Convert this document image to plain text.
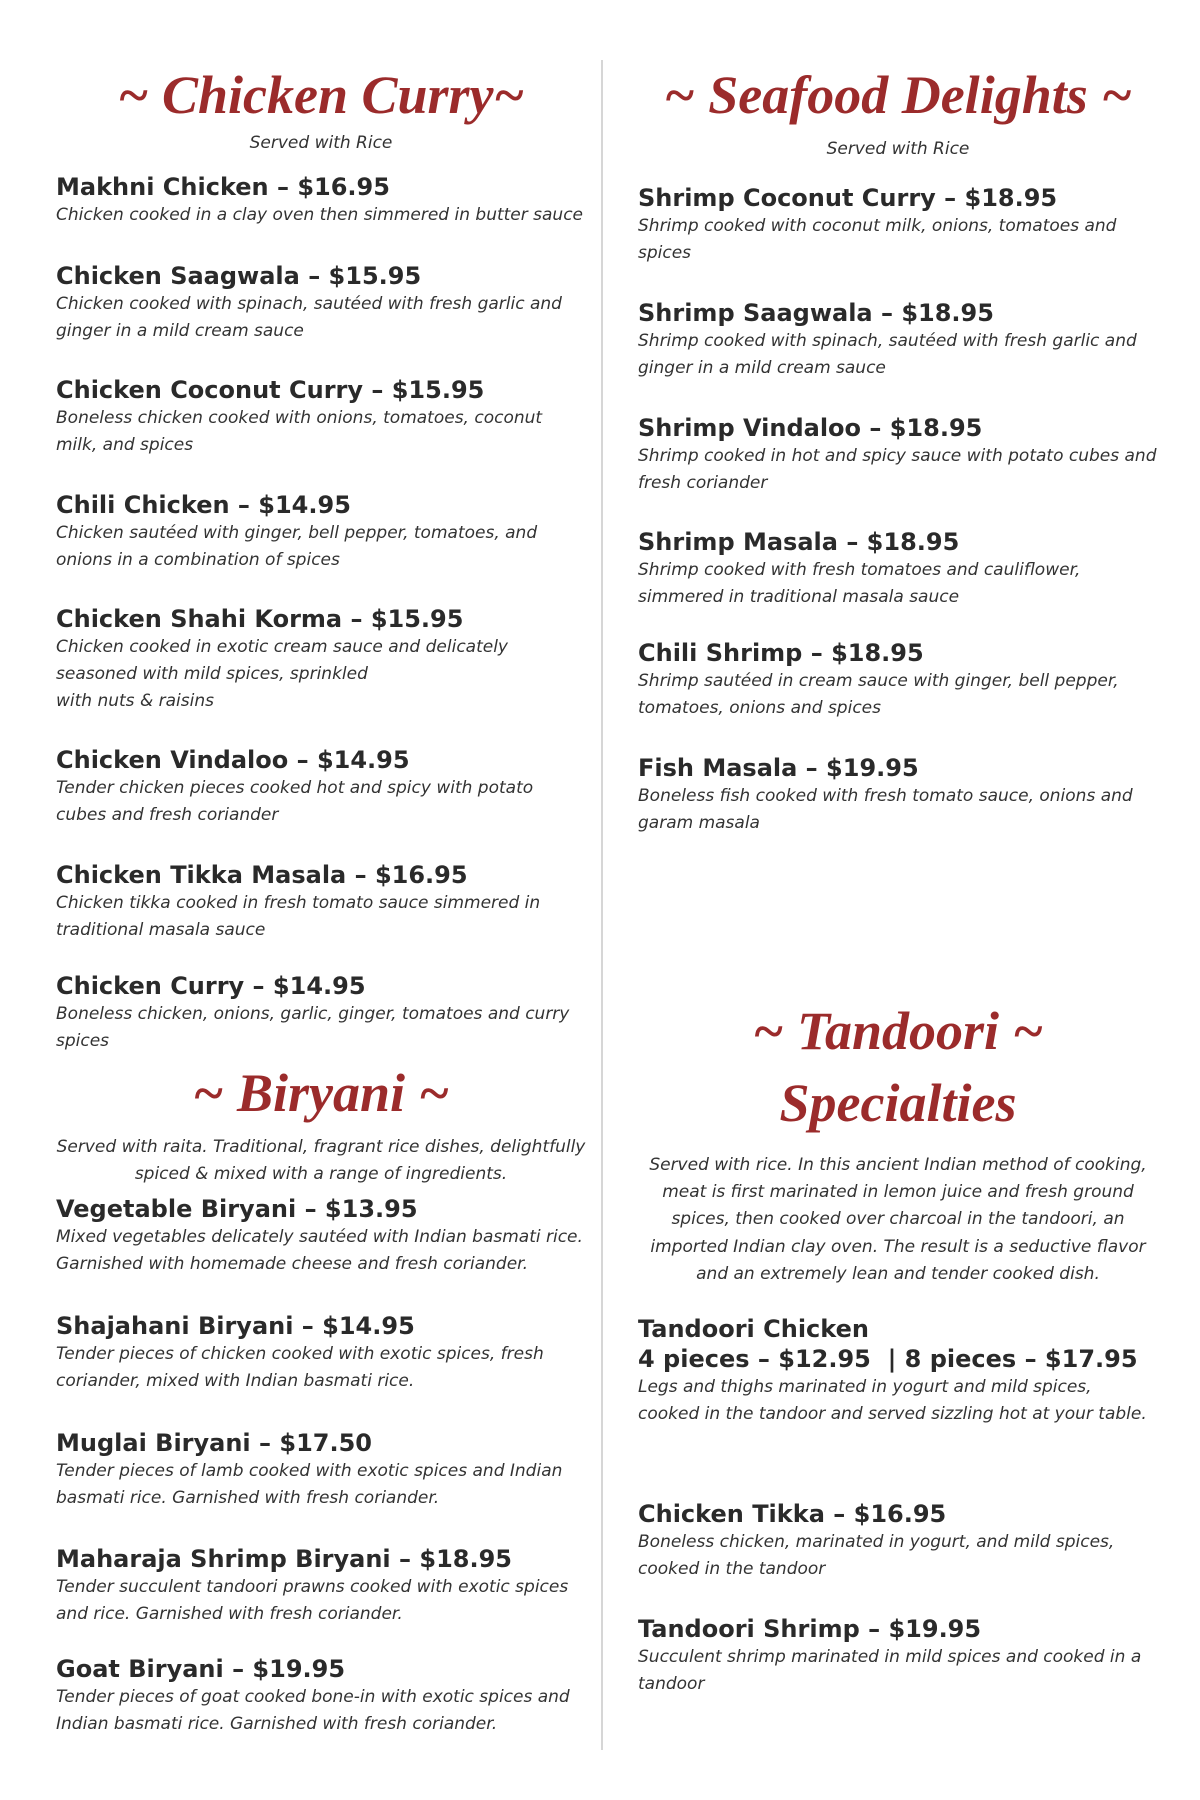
~ Chicken Curry~

Served with Rice

Makhni Chicken – $16.95
Chicken cooked in a clay oven then simmered in butter sauce
Chicken Saagwala – $15.95
Chicken cooked with spinach, sautéed with fresh garlic and ginger in a mild cream sauce
Chicken Coconut Curry – $15.95
Boneless chicken cooked with onions, tomatoes, coconut milk, and spices
Chili Chicken – $14.95
Chicken sautéed with ginger, bell pepper, tomatoes, and onions in a combination of spices
Chicken Shahi Korma – $15.95
Chicken cooked in exotic cream sauce and delicately seasoned with mild spices, sprinkled
with nuts & raisins
Chicken Vindaloo – $14.95
Tender chicken pieces cooked hot and spicy with potato cubes and fresh coriander
Chicken Tikka Masala – $16.95
Chicken tikka cooked in fresh tomato sauce simmered in traditional masala sauce
Chicken Curry – $14.95
Boneless chicken, onions, garlic, ginger, tomatoes and curry spices
~ Biryani ~

Served with raita. Traditional, fragrant rice dishes, delightfully spiced & mixed with a range of ingredients.

Vegetable Biryani – $13.95
Mixed vegetables delicately sautéed with Indian basmati rice. Garnished with homemade cheese and fresh coriander.
Shajahani Biryani – $14.95
Tender pieces of chicken cooked with exotic spices, fresh coriander, mixed with Indian basmati rice.
Muglai Biryani – $17.50
Tender pieces of lamb cooked with exotic spices and Indian basmati rice. Garnished with fresh coriander.
Maharaja Shrimp Biryani – $18.95
Tender succulent tandoori prawns cooked with exotic spices and rice. Garnished with fresh coriander.
Goat Biryani – $19.95
Tender pieces of goat cooked bone-in with exotic spices and Indian basmati rice. Garnished with fresh coriander.
~ Seafood Delights ~

Served with Rice

Shrimp Coconut Curry – $18.95
Shrimp cooked with coconut milk, onions, tomatoes and spices
Shrimp Saagwala – $18.95
Shrimp cooked with spinach, sautéed with fresh garlic and ginger in a mild cream sauce
Shrimp Vindaloo – $18.95
Shrimp cooked in hot and spicy sauce with potato cubes and fresh coriander
Shrimp Masala – $18.95
Shrimp cooked with fresh tomatoes and cauliflower, simmered in traditional masala sauce
Chili Shrimp – $18.95
Shrimp sautéed in cream sauce with ginger, bell pepper, tomatoes, onions and spices
Fish Masala – $19.95
Boneless fish cooked with fresh tomato sauce, onions and garam masala
~ Tandoori ~
Specialties

Served with rice. In this ancient Indian method of cooking, meat is first marinated in lemon juice and fresh ground spices, then cooked over charcoal in the tandoori, an imported Indian clay oven. The result is a seductive flavor and an extremely lean and tender cooked dish.

Tandoori Chicken
4 pieces – $12.95  | 8 pieces – $17.95
Legs and thighs marinated in yogurt and mild spices, cooked in the tandoor and served sizzling hot at your table.
Chicken Tikka – $16.95
Boneless chicken, marinated in yogurt, and mild spices, cooked in the tandoor
Tandoori Shrimp – $19.95
Succulent shrimp marinated in mild spices and cooked in a tandoor
